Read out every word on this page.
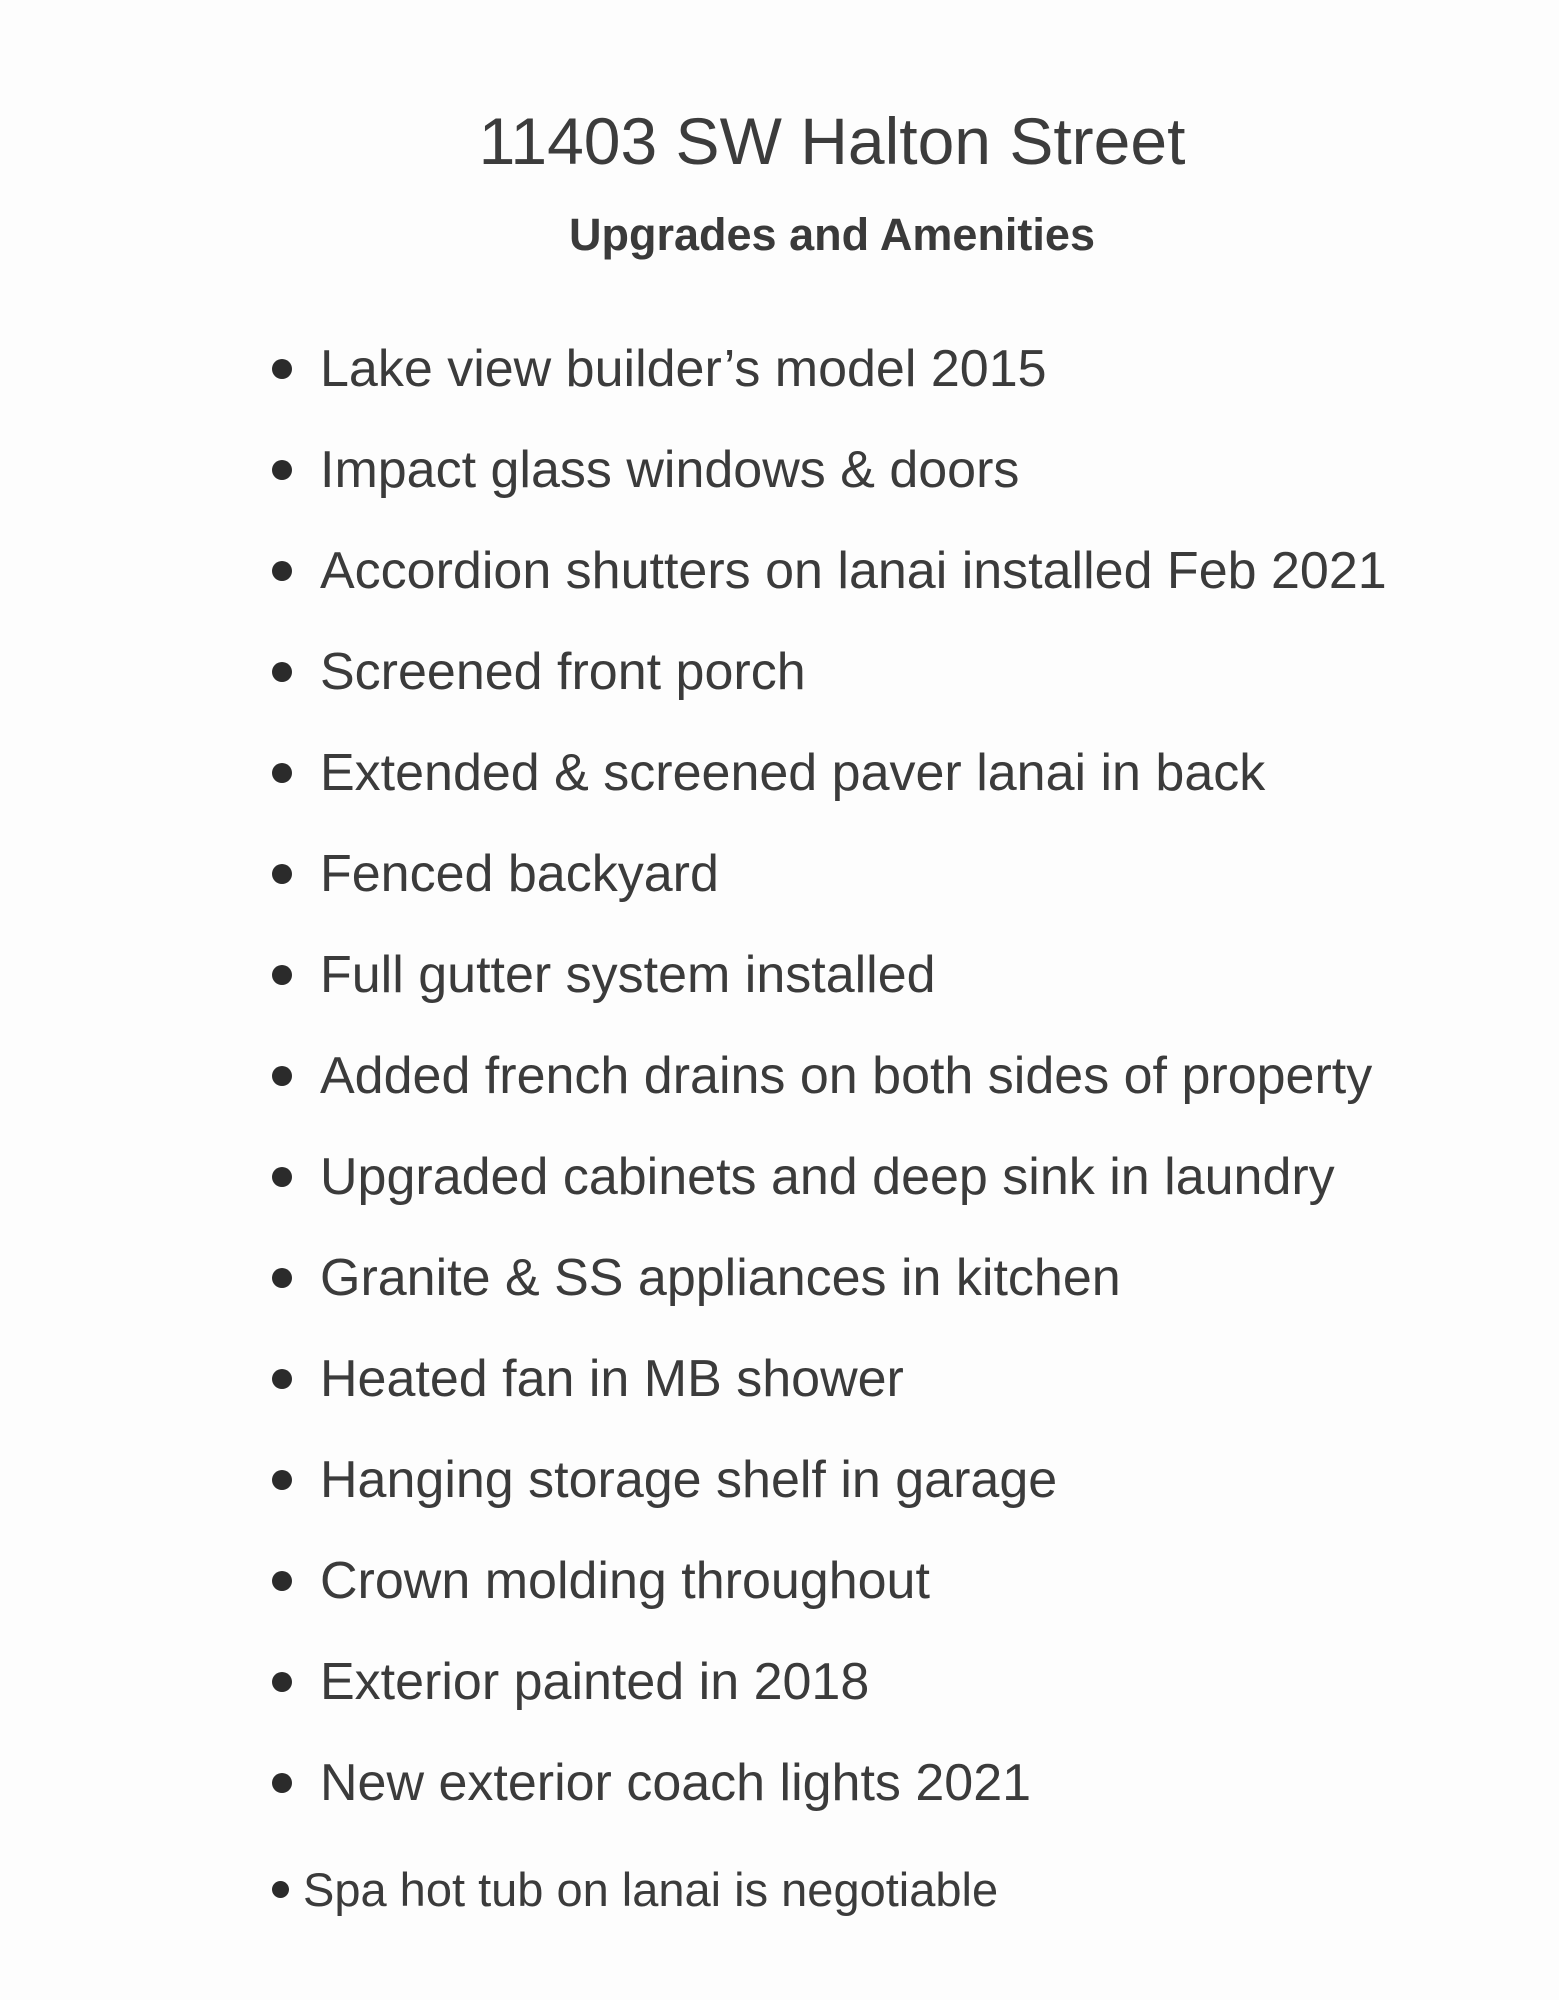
11403 SW Halton Street
Upgrades and Amenities
Lake view builder’s model 2015
Impact glass windows & doors
Accordion shutters on lanai installed Feb 2021
Screened front porch
Extended & screened paver lanai in back
Fenced backyard
Full gutter system installed
Added french drains on both sides of property
Upgraded cabinets and deep sink in laundry
Granite & SS appliances in kitchen
Heated fan in MB shower
Hanging storage shelf in garage
Crown molding throughout
Exterior painted in 2018
New exterior coach lights 2021
Spa hot tub on lanai is negotiable
